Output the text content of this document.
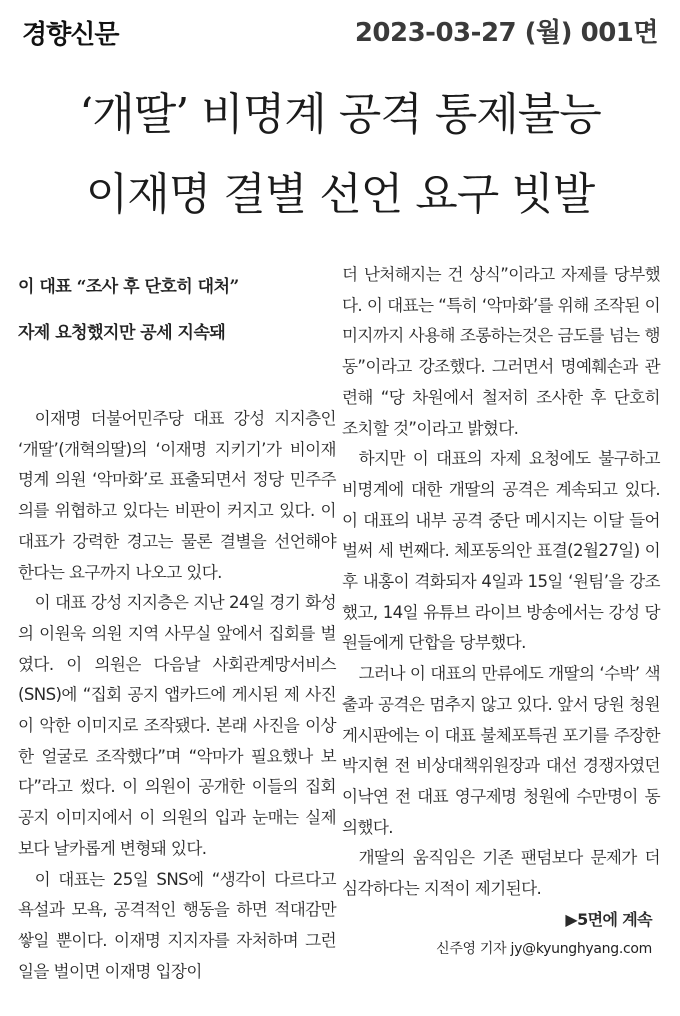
경향신문	2023-03-27 (월) 001면
‘개딸’ 비명계 공격 통제불능
이재명 결별 선언 요구 빗발
이 대표 “조사 후 단호히 대처”
자제 요청했지만 공세 지속돼

이재명 더불어민주당 대표 강성 지지층인 ‘개딸’(개혁의딸)의 ‘이재명 지키기’가 비이재명계 의원 ‘악마화’로 표출되면서 정당 민주주의를 위협하고 있다는 비판이 커지고 있다. 이 대표가 강력한 경고는 물론 결별을 선언해야 한다는 요구까지 나오고 있다.

이 대표 강성 지지층은 지난 24일 경기 화성의 이원욱 의원 지역 사무실 앞에서 집회를 벌였다. 이 의원은 다음날 사회관계망서비스(SNS)에 “집회 공지 앱카드에 게시된 제 사진이 악한 이미지로 조작됐다. 본래 사진을 이상한 얼굴로 조작했다”며 “악마가 필요했나 보다”라고 썼다. 이 의원이 공개한 이들의 집회 공지 이미지에서 이 의원의 입과 눈매는 실제보다 날카롭게 변형돼 있다.

이 대표는 25일 SNS에 “생각이 다르다고 욕설과 모욕, 공격적인 행동을 하면 적대감만 쌓일 뿐이다. 이재명 지지자를 자처하며 그런 일을 벌이면 이재명 입장이

더 난처해지는 건 상식”이라고 자제를 당부했다. 이 대표는 “특히 ‘악마화’를 위해 조작된 이미지까지 사용해 조롱하는것은 금도를 넘는 행동”이라고 강조했다. 그러면서 명예훼손과 관련해 “당 차원에서 철저히 조사한 후 단호히 조치할 것”이라고 밝혔다.

하지만 이 대표의 자제 요청에도 불구하고 비명계에 대한 개딸의 공격은 계속되고 있다. 이 대표의 내부 공격 중단 메시지는 이달 들어 벌써 세 번째다. 체포동의안 표결(2월27일) 이후 내홍이 격화되자 4일과 15일 ‘원팀’을 강조했고, 14일 유튜브 라이브 방송에서는 강성 당원들에게 단합을 당부했다.

그러나 이 대표의 만류에도 개딸의 ‘수박’ 색출과 공격은 멈추지 않고 있다. 앞서 당원 청원 게시판에는 이 대표 불체포특권 포기를 주장한 박지현 전 비상대책위원장과 대선 경쟁자였던 이낙연 전 대표 영구제명 청원에 수만명이 동의했다.

개딸의 움직임은 기존 팬덤보다 문제가 더 심각하다는 지적이 제기된다.

▶5면에 계속
신주영 기자 jy@kyunghyang.com
